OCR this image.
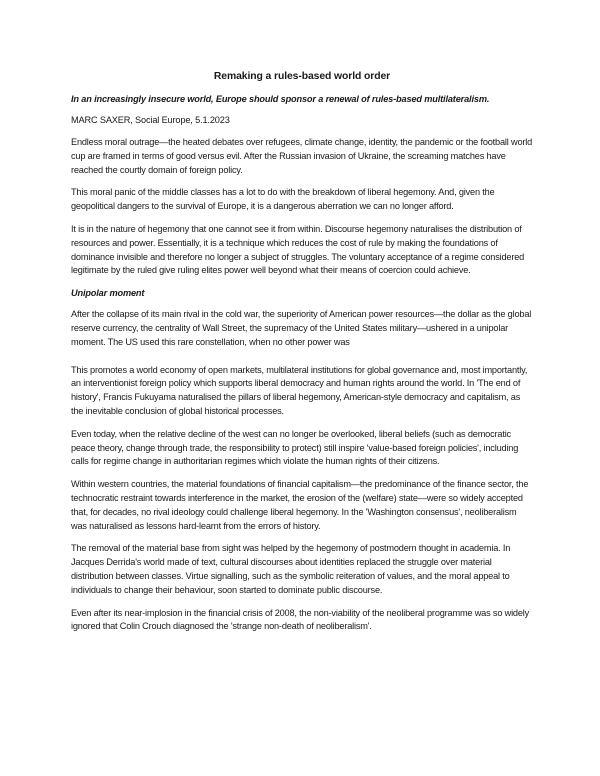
Remaking a rules-based world order
In an increasingly insecure world, Europe should sponsor a renewal of rules-based multilateralism.
MARC SAXER, Social Europe, 5.1.2023

Endless moral outrage—the heated debates over refugees, climate change, identity, the pandemic or the football world cup are framed in terms of good versus evil. After the Russian invasion of Ukraine, the screaming matches have reached the courtly domain of foreign policy.

This moral panic of the middle classes has a lot to do with the breakdown of liberal hegemony. And, given the geopolitical dangers to the survival of Europe, it is a dangerous aberration we can no longer afford.

It is in the nature of hegemony that one cannot see it from within. Discourse hegemony naturalises the distribution of resources and power. Essentially, it is a technique which reduces the cost of rule by making the foundations of dominance invisible and therefore no longer a subject of struggles. The voluntary acceptance of a regime considered legitimate by the ruled give ruling elites power well beyond what their means of coercion could achieve.

Unipolar moment

After the collapse of its main rival in the cold war, the superiority of American power resources—the dollar as the global reserve currency, the centrality of Wall Street, the supremacy of the United States military—ushered in a unipolar moment. The US used this rare constellation, when no other power was

This promotes a world economy of open markets, multilateral institutions for global governance and, most importantly, an interventionist foreign policy which supports liberal democracy and human rights around the world. In 'The end of history', Francis Fukuyama naturalised the pillars of liberal hegemony, American-style democracy and capitalism, as the inevitable conclusion of global historical processes.

Even today, when the relative decline of the west can no longer be overlooked, liberal beliefs (such as democratic peace theory, change through trade, the responsibility to protect) still inspire 'value-based foreign policies', including calls for regime change in authoritarian regimes which violate the human rights of their citizens.

Within western countries, the material foundations of financial capitalism—the predominance of the finance sector, the technocratic restraint towards interference in the market, the erosion of the (welfare) state—were so widely accepted that, for decades, no rival ideology could challenge liberal hegemony. In the 'Washington consensus', neoliberalism was naturalised as lessons hard-learnt from the errors of history.

The removal of the material base from sight was helped by the hegemony of postmodern thought in academia. In Jacques Derrida's world made of text, cultural discourses about identities replaced the struggle over material distribution between classes. Virtue signalling, such as the symbolic reiteration of values, and the moral appeal to individuals to change their behaviour, soon started to dominate public discourse.

Even after its near-implosion in the financial crisis of 2008, the non-viability of the neoliberal programme was so widely ignored that Colin Crouch diagnosed the 'strange non-death of neoliberalism'.
